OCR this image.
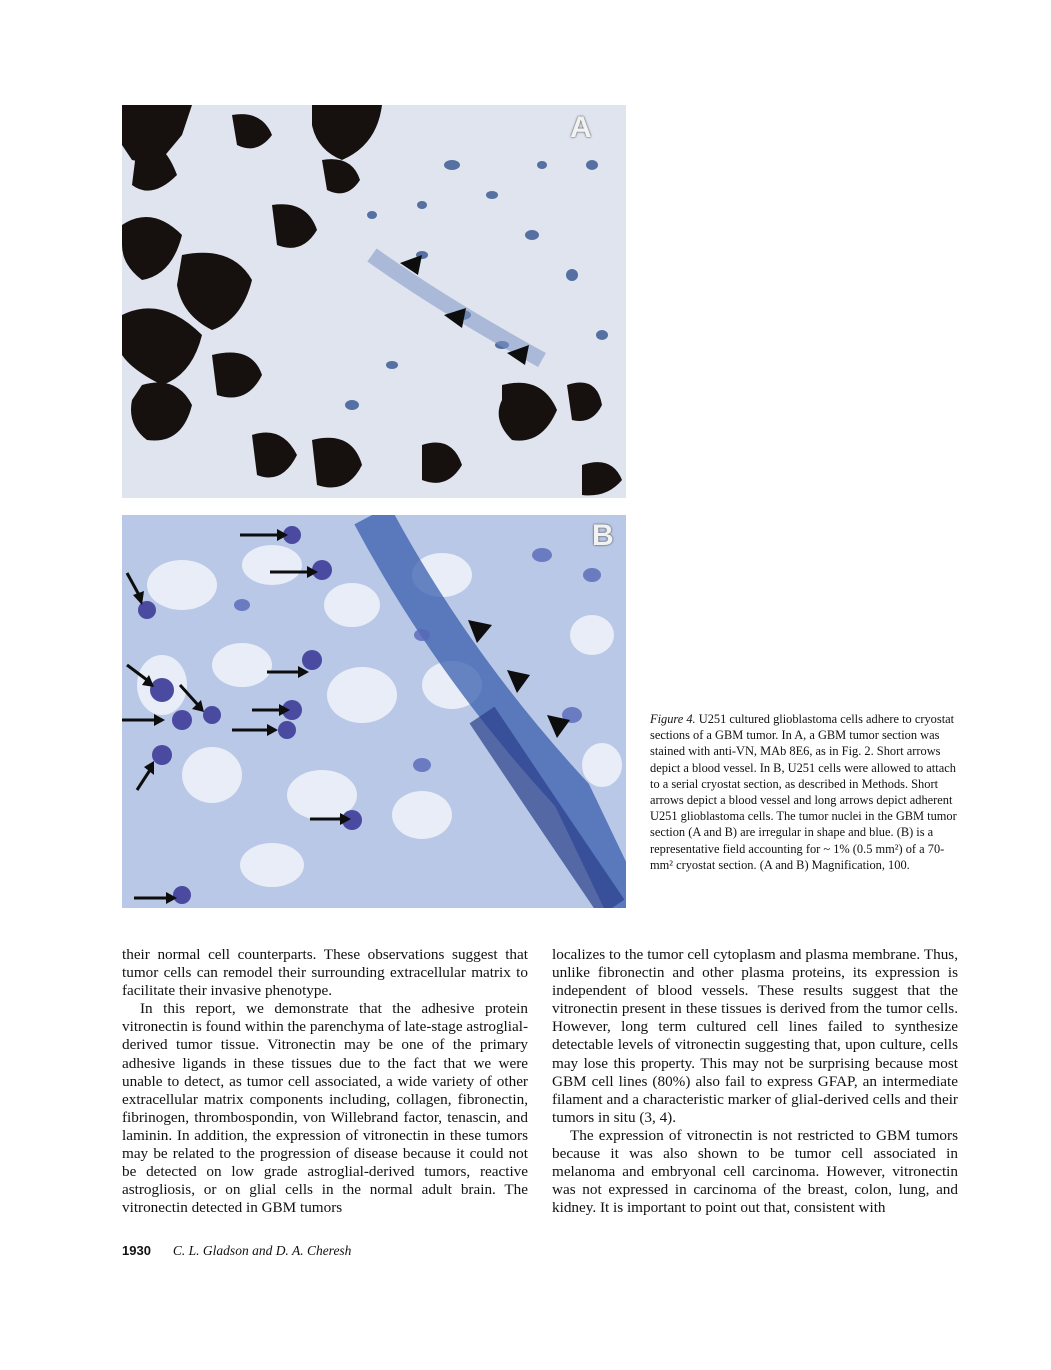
A
B
Figure 4. U251 cultured glioblastoma cells adhere to cryostat sections of a GBM tumor. In A, a GBM tumor section was stained with anti-VN, MAb 8E6, as in Fig. 2. Short arrows depict a blood vessel. In B, U251 cells were allowed to attach to a serial cryostat section, as described in Methods. Short arrows depict a blood vessel and long arrows depict adherent U251 glioblastoma cells. The tumor nuclei in the GBM tumor section (A and B) are irregular in shape and blue. (B) is a representative field accounting for ~ 1% (0.5 mm²) of a 70-mm² cryostat section. (A and B) Magnification, 100.

their normal cell counterparts. These observations suggest that tumor cells can remodel their surrounding extracellular matrix to facilitate their invasive phenotype.

In this report, we demonstrate that the adhesive protein vitronectin is found within the parenchyma of late-stage astroglial-derived tumor tissue. Vitronectin may be one of the primary adhesive ligands in these tissues due to the fact that we were unable to detect, as tumor cell associated, a wide variety of other extracellular matrix components including, collagen, fibronectin, fibrinogen, thrombospondin, von Willebrand factor, tenascin, and laminin. In addition, the expression of vitronectin in these tumors may be related to the progression of disease because it could not be detected on low grade astroglial-derived tumors, reactive astrogliosis, or on glial cells in the normal adult brain. The vitronectin detected in GBM tumors

localizes to the tumor cell cytoplasm and plasma membrane. Thus, unlike fibronectin and other plasma proteins, its expression is independent of blood vessels. These results suggest that the vitronectin present in these tissues is derived from the tumor cells. However, long term cultured cell lines failed to synthesize detectable levels of vitronectin suggesting that, upon culture, cells may lose this property. This may not be surprising because most GBM cell lines (80%) also fail to express GFAP, an intermediate filament and a characteristic marker of glial-derived cells and their tumors in situ (3, 4).

The expression of vitronectin is not restricted to GBM tumors because it was also shown to be tumor cell associated in melanoma and embryonal cell carcinoma. However, vitronectin was not expressed in carcinoma of the breast, colon, lung, and kidney. It is important to point out that, consistent with

1930 C. L. Gladson and D. A. Cheresh
